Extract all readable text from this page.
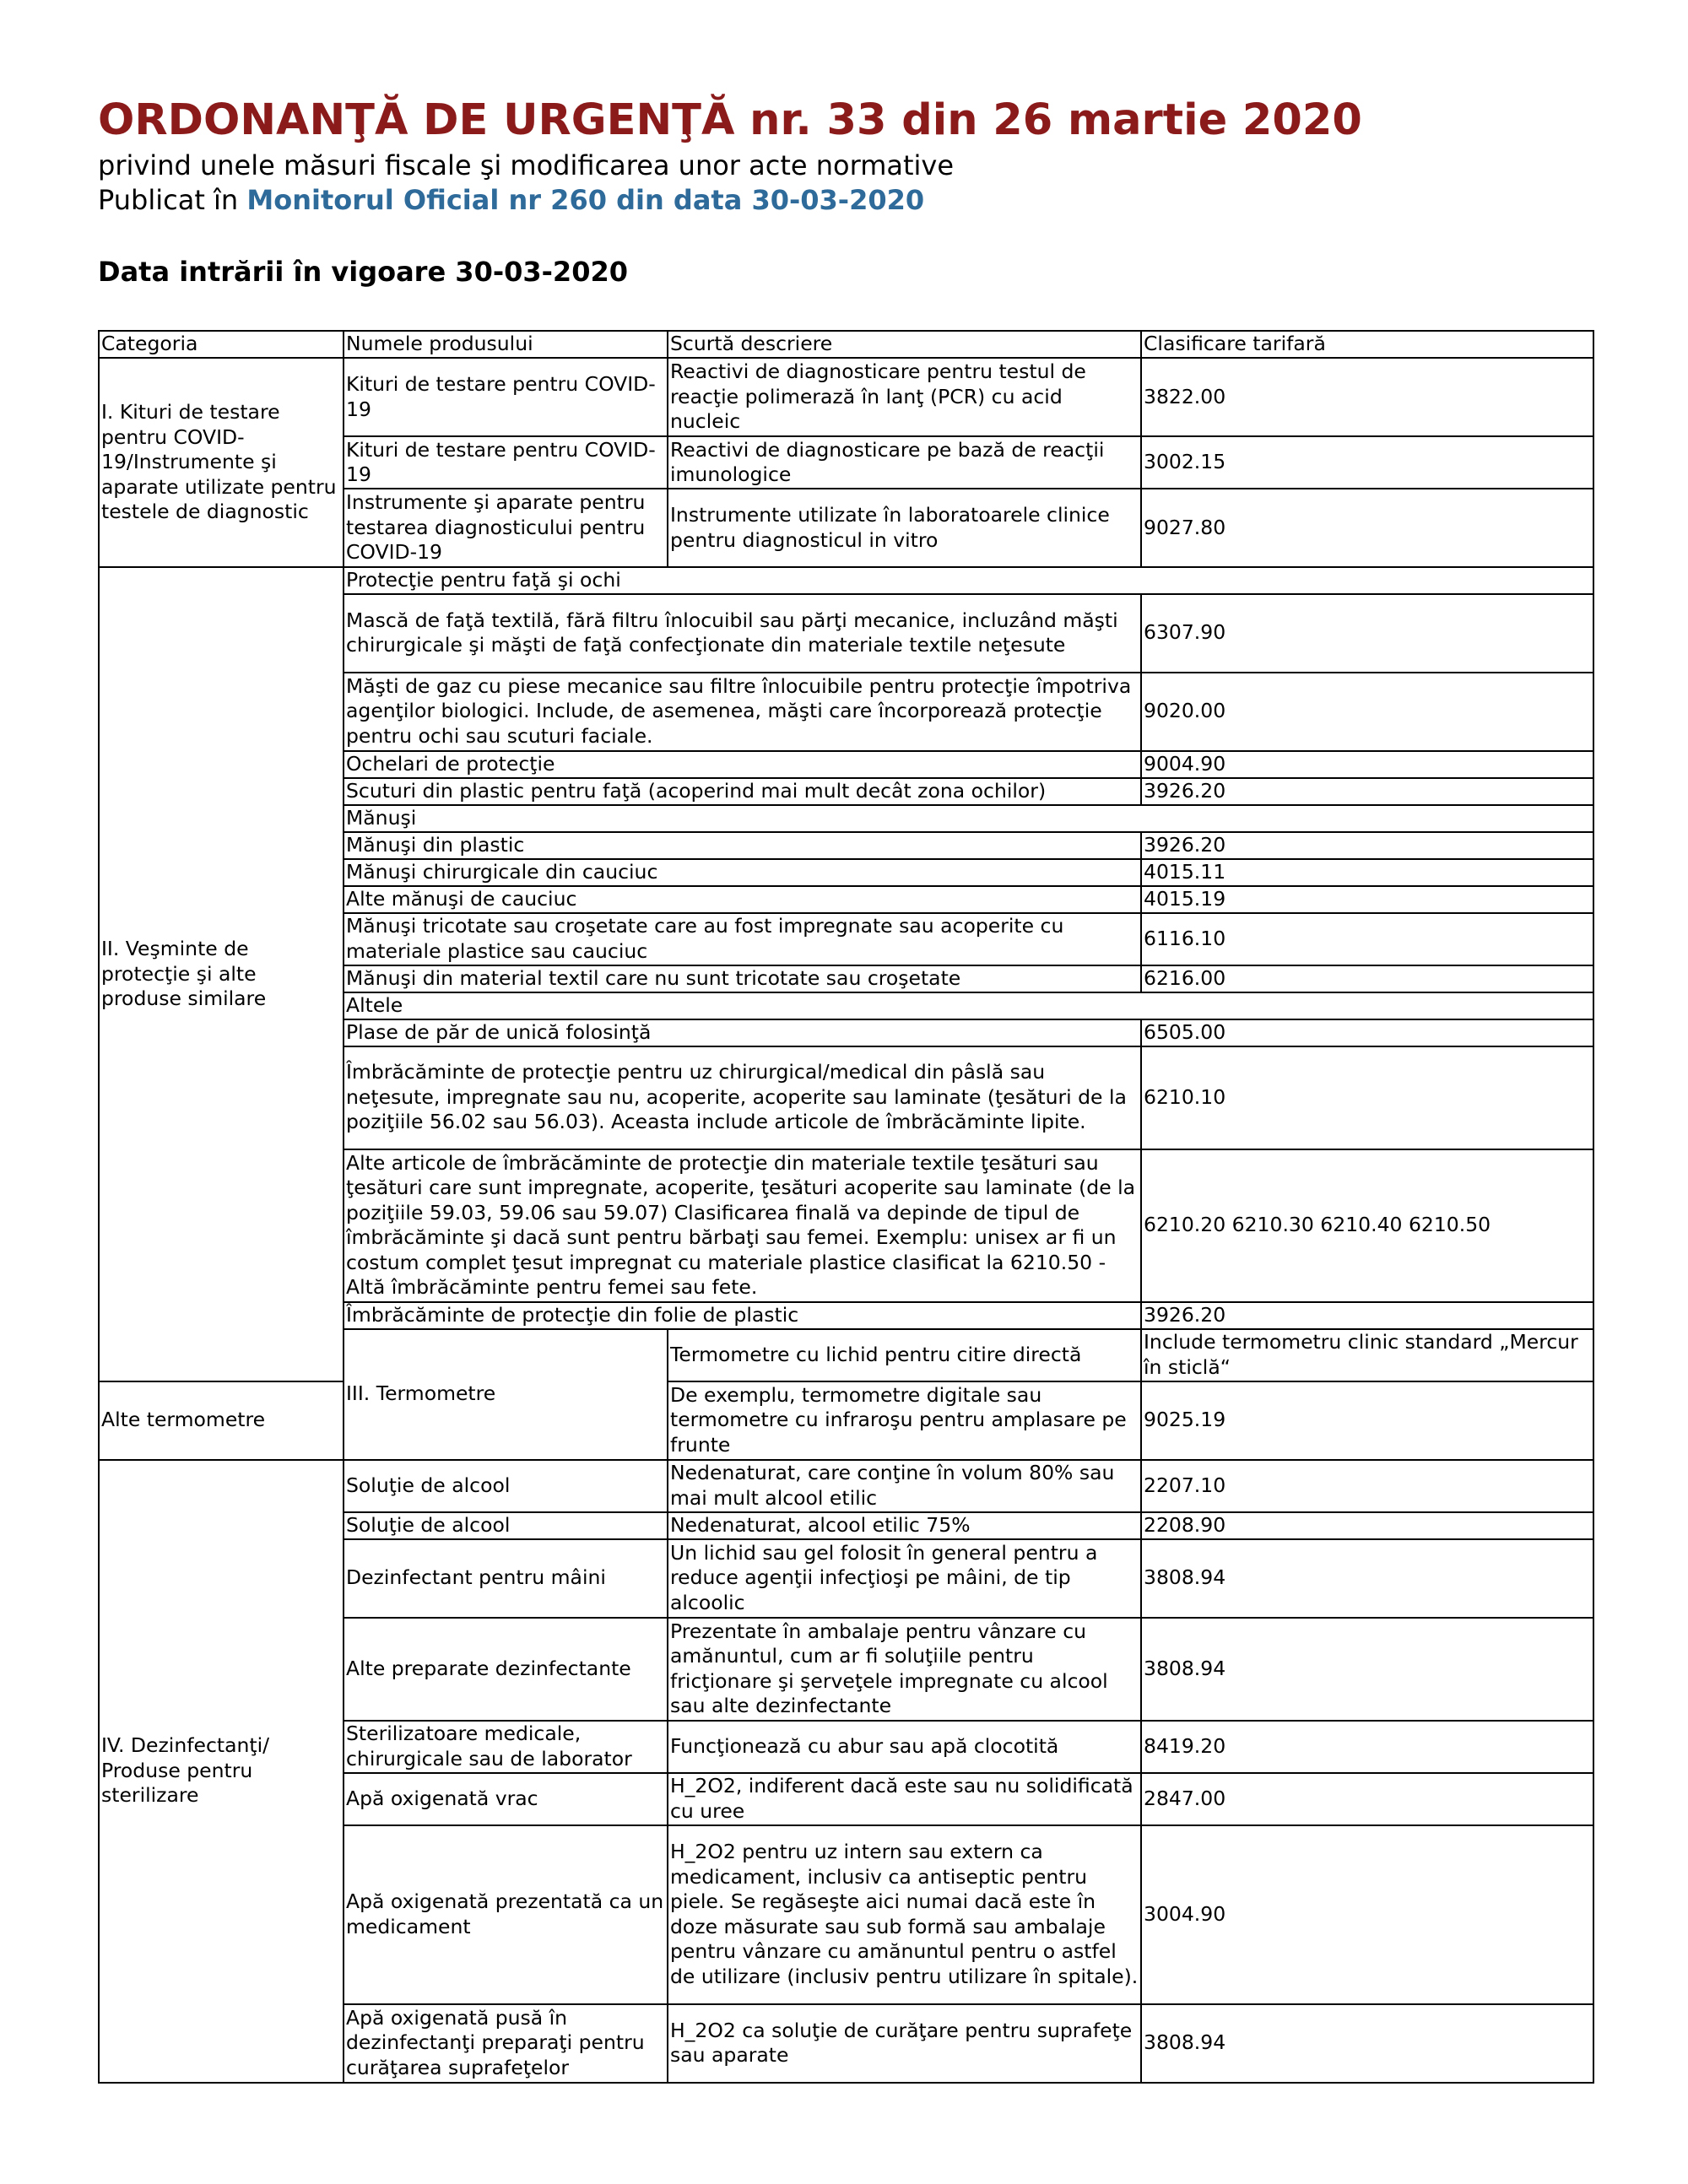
ORDONANŢĂ DE URGENŢĂ nr. 33 din 26 martie 2020

privind unele măsuri fiscale şi modificarea unor acte normative

Publicat în Monitorul Oficial nr 260 din data 30-03-2020

Data intrării în vigoare 30-03-2020

Categoria	Numele produsului	Scurtă descriere	Clasificare tarifară	
I. Kituri de testare pentru COVID-19/Instrumente şi aparate utilizate pentru testele de diagnostic	Kituri de testare pentru COVID-19	Reactivi de diagnosticare pentru testul de reacţie polimerază în lanţ (PCR) cu acid nucleic	3822.00	
	Kituri de testare pentru COVID-19	Reactivi de diagnosticare pe bază de reacţii imunologice	3002.15	
	Instrumente şi aparate pentru testarea diagnosticului pentru COVID-19	Instrumente utilizate în laboratoarele clinice pentru diagnosticul in vitro	9027.80	
II. Veşminte de protecţie şi alte produse similare	Protecţie pentru faţă şi ochi			
	Mască de faţă textilă, fără filtru înlocuibil sau părţi mecanice, incluzând măşti chirurgicale şi măşti de faţă confecţionate din materiale textile neţesute		6307.90	
	Măşti de gaz cu piese mecanice sau filtre înlocuibile pentru protecţie împotriva agenţilor biologici. Include, de asemenea, măşti care încorporează protecţie pentru ochi sau scuturi faciale.		9020.00	
	Ochelari de protecţie		9004.90	
	Scuturi din plastic pentru faţă (acoperind mai mult decât zona ochilor)		3926.20	
	Mănuşi			
	Mănuşi din plastic		3926.20	
	Mănuşi chirurgicale din cauciuc		4015.11	
	Alte mănuşi de cauciuc		4015.19	
	Mănuşi tricotate sau croşetate care au fost impregnate sau acoperite cu materiale plastice sau cauciuc		6116.10	
	Mănuşi din material textil care nu sunt tricotate sau croşetate		6216.00	
	Altele			
	Plase de păr de unică folosinţă		6505.00	
	Îmbrăcăminte de protecţie pentru uz chirurgical/medical din pâslă sau neţesute, impregnate sau nu, acoperite, acoperite sau laminate (ţesături de la poziţiile 56.02 sau 56.03). Aceasta include articole de îmbrăcăminte lipite.		6210.10	
	Alte articole de îmbrăcăminte de protecţie din materiale textile ţesături sau ţesături care sunt impregnate, acoperite, ţesături acoperite sau laminate (de la poziţiile 59.03, 59.06 sau 59.07) Clasificarea finală va depinde de tipul de îmbrăcăminte şi dacă sunt pentru bărbaţi sau femei. Exemplu: unisex ar fi un costum complet ţesut impregnat cu materiale plastice clasificat la 6210.50 - Altă îmbrăcăminte pentru femei sau fete.		6210.20 6210.30 6210.40 6210.50	
	Îmbrăcăminte de protecţie din folie de plastic		3926.20	
	III. Termometre	Termometre cu lichid pentru citire directă	Include termometru clinic standard „Mercur în sticlă“	
Alte termometre		De exemplu, termometre digitale sau termometre cu infraroşu pentru amplasare pe frunte	9025.19	
IV. Dezinfectanţi/ Produse pentru sterilizare	Soluţie de alcool	Nedenaturat, care conţine în volum 80% sau mai mult alcool etilic	2207.10	
	Soluţie de alcool	Nedenaturat, alcool etilic 75%	2208.90	
	Dezinfectant pentru mâini	Un lichid sau gel folosit în general pentru a reduce agenţii infecţioşi pe mâini, de tip alcoolic	3808.94	
	Alte preparate dezinfectante	Prezentate în ambalaje pentru vânzare cu amănuntul, cum ar fi soluţiile pentru fricţionare şi şerveţele impregnate cu alcool sau alte dezinfectante	3808.94	
	Sterilizatoare medicale, chirurgicale sau de laborator	Funcţionează cu abur sau apă clocotită	8419.20	
	Apă oxigenată vrac	H_2O2, indiferent dacă este sau nu solidificată cu uree	2847.00	
	Apă oxigenată prezentată ca un medicament	H_2O2 pentru uz intern sau extern ca medicament, inclusiv ca antiseptic pentru piele. Se regăseşte aici numai dacă este în doze măsurate sau sub formă sau ambalaje pentru vânzare cu amănuntul pentru o astfel de utilizare (inclusiv pentru utilizare în spitale).	3004.90	
	Apă oxigenată pusă în dezinfectanţi preparaţi pentru curăţarea suprafeţelor	H_2O2 ca soluţie de curăţare pentru suprafeţe sau aparate	3808.94	
